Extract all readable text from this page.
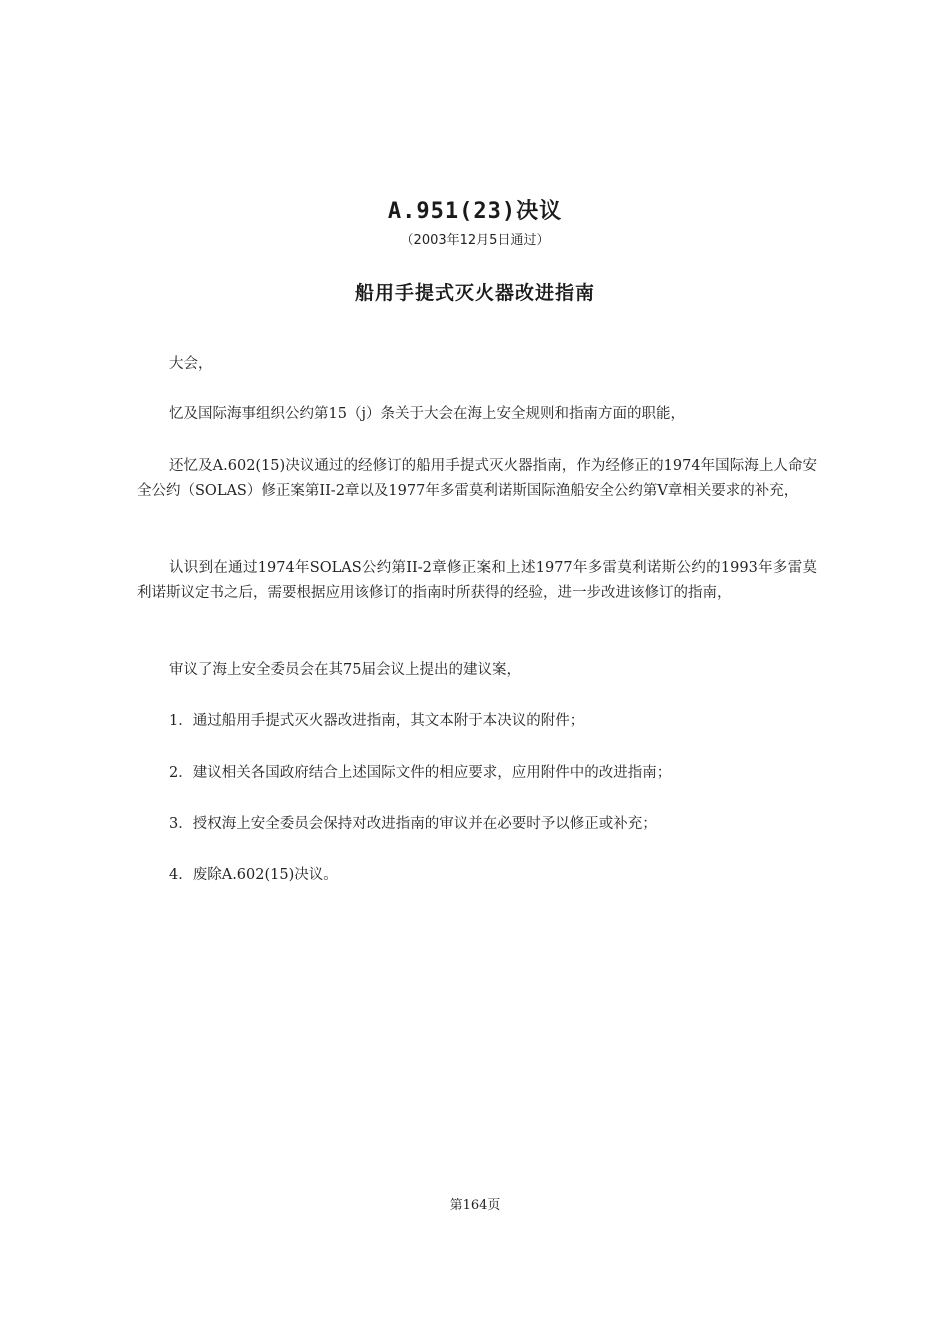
A.951(23)决议
（2003年12月5日通过）
船用手提式灭火器改进指南

大会，

忆及国际海事组织公约第15（j）条关于大会在海上安全规则和指南方面的职能，

还忆及A.602(15)决议通过的经修订的船用手提式灭火器指南，作为经修正的1974年国际海上人命安全公约（SOLAS）修正案第II-2章以及1977年多雷莫利诺斯国际渔船安全公约第V章相关要求的补充，

认识到在通过1974年SOLAS公约第II-2章修正案和上述1977年多雷莫利诺斯公约的1993年多雷莫利诺斯议定书之后，需要根据应用该修订的指南时所获得的经验，进一步改进该修订的指南，

审议了海上安全委员会在其75届会议上提出的建议案，

1．通过船用手提式灭火器改进指南，其文本附于本决议的附件；

2．建议相关各国政府结合上述国际文件的相应要求，应用附件中的改进指南；

3．授权海上安全委员会保持对改进指南的审议并在必要时予以修正或补充；

4．废除A.602(15)决议。

第164页
